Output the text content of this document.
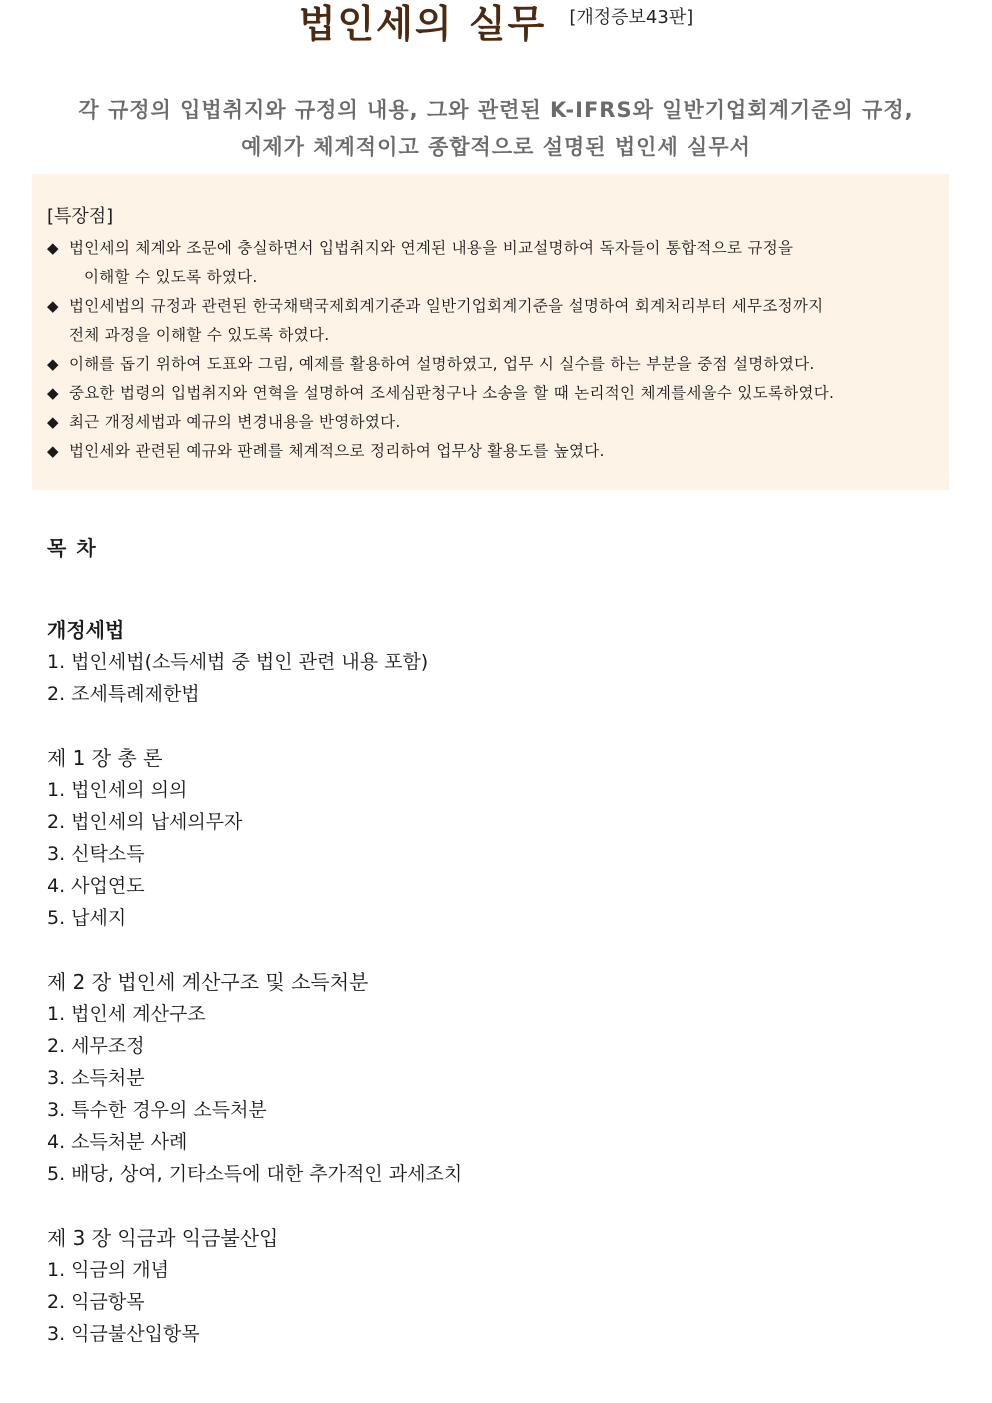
법인세의 실무 [개정증보43판]
각 규정의 입법취지와 규정의 내용, 그와 관련된 K-IFRS와 일반기업회계기준의 규정,
예제가 체계적이고 종합적으로 설명된 법인세 실무서
[특장점]
◆ 법인세의 체계와 조문에 충실하면서 입법취지와 연계된 내용을 비교설명하여 독자들이 통합적으로 규정을
이해할 수 있도록 하였다.
◆ 법인세법의 규정과 관련된 한국채택국제회계기준과 일반기업회계기준을 설명하여 회계처리부터 세무조정까지
전체 과정을 이해할 수 있도록 하였다.
◆ 이해를 돕기 위하여 도표와 그림, 예제를 활용하여 설명하였고, 업무 시 실수를 하는 부분을 중점 설명하였다.
◆ 중요한 법령의 입법취지와 연혁을 설명하여 조세심판청구나 소송을 할 때 논리적인 체계를세울수 있도록하였다.
◆ 최근 개정세법과 예규의 변경내용을 반영하였다.
◆ 법인세와 관련된 예규와 판례를 체계적으로 정리하여 업무상 활용도를 높였다.
목차
개정세법
1. 법인세법(소득세법 중 법인 관련 내용 포함)
2. 조세특례제한법
제 1 장 총 론
1. 법인세의 의의
2. 법인세의 납세의무자
3. 신탁소득
4. 사업연도
5. 납세지
제 2 장 법인세 계산구조 및 소득처분
1. 법인세 계산구조
2. 세무조정
3. 소득처분
3. 특수한 경우의 소득처분
4. 소득처분 사례
5. 배당, 상여, 기타소득에 대한 추가적인 과세조치
제 3 장 익금과 익금불산입
1. 익금의 개념
2. 익금항목
3. 익금불산입항목
